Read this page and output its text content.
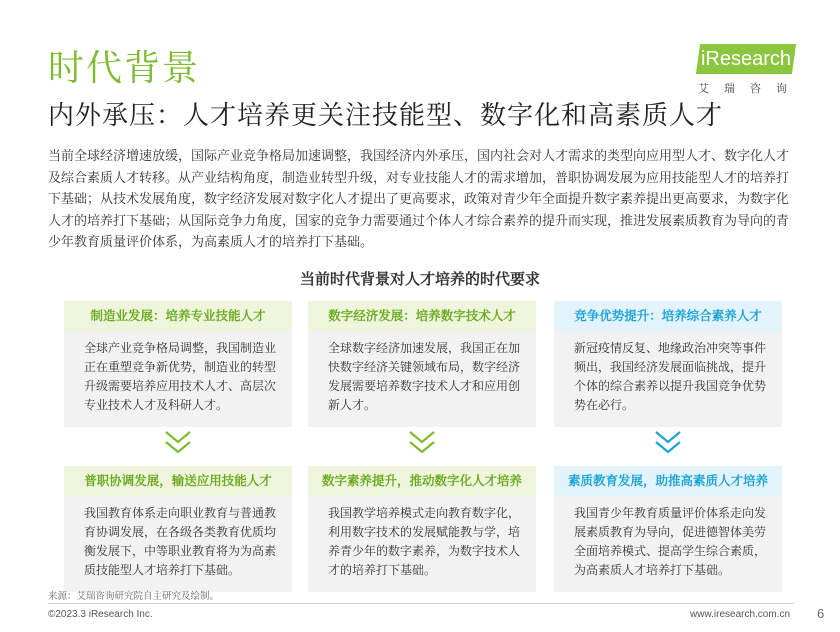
时代背景
内外承压：人才培养更关注技能型、数字化和高素质人才
iResearch
艾瑞咨询
当前全球经济增速放缓，国际产业竞争格局加速调整，我国经济内外承压，国内社会对人才需求的类型向应用型人才、数字化人才及综合素质人才转移。从产业结构角度，制造业转型升级，对专业技能人才的需求增加，普职协调发展为应用技能型人才的培养打下基础；从技术发展角度，数字经济发展对数字化人才提出了更高要求，政策对青少年全面提升数字素养提出更高要求，为数字化人才的培养打下基础；从国际竞争力角度，国家的竞争力需要通过个体人才综合素养的提升而实现，推进发展素质教育为导向的青少年教育质量评价体系，为高素质人才的培养打下基础。
当前时代背景对人才培养的时代要求
制造业发展：培养专业技能人才
全球产业竞争格局调整，我国制造业正在重塑竞争新优势，制造业的转型升级需要培养应用技术人才、高层次专业技术人才及科研人才。
普职协调发展，输送应用技能人才
我国教育体系走向职业教育与普通教育协调发展，在各级各类教育优质均衡发展下，中等职业教育将为为高素质技能型人才培养打下基础。
数字经济发展：培养数字技术人才
全球数字经济加速发展，我国正在加快数字经济关键领域布局，数字经济发展需要培养数字技术人才和应用创新人才。
数字素养提升，推动数字化人才培养
我国教学培养模式走向教育数字化，利用数字技术的发展赋能教与学，培养青少年的数字素养，为数字技术人才的培养打下基础。
竞争优势提升：培养综合素养人才
新冠疫情反复、地缘政治冲突等事件频出，我国经济发展面临挑战，提升个体的综合素养以提升我国竞争优势势在必行。
素质教育发展，助推高素质人才培养
我国青少年教育质量评价体系走向发展素质教育为导向，促进德智体美劳全面培养模式、提高学生综合素质，为高素质人才培养打下基础。
来源：艾瑞咨询研究院自主研究及绘制。
©2023.3 iResearch Inc.	www.iresearch.com.cn 6
